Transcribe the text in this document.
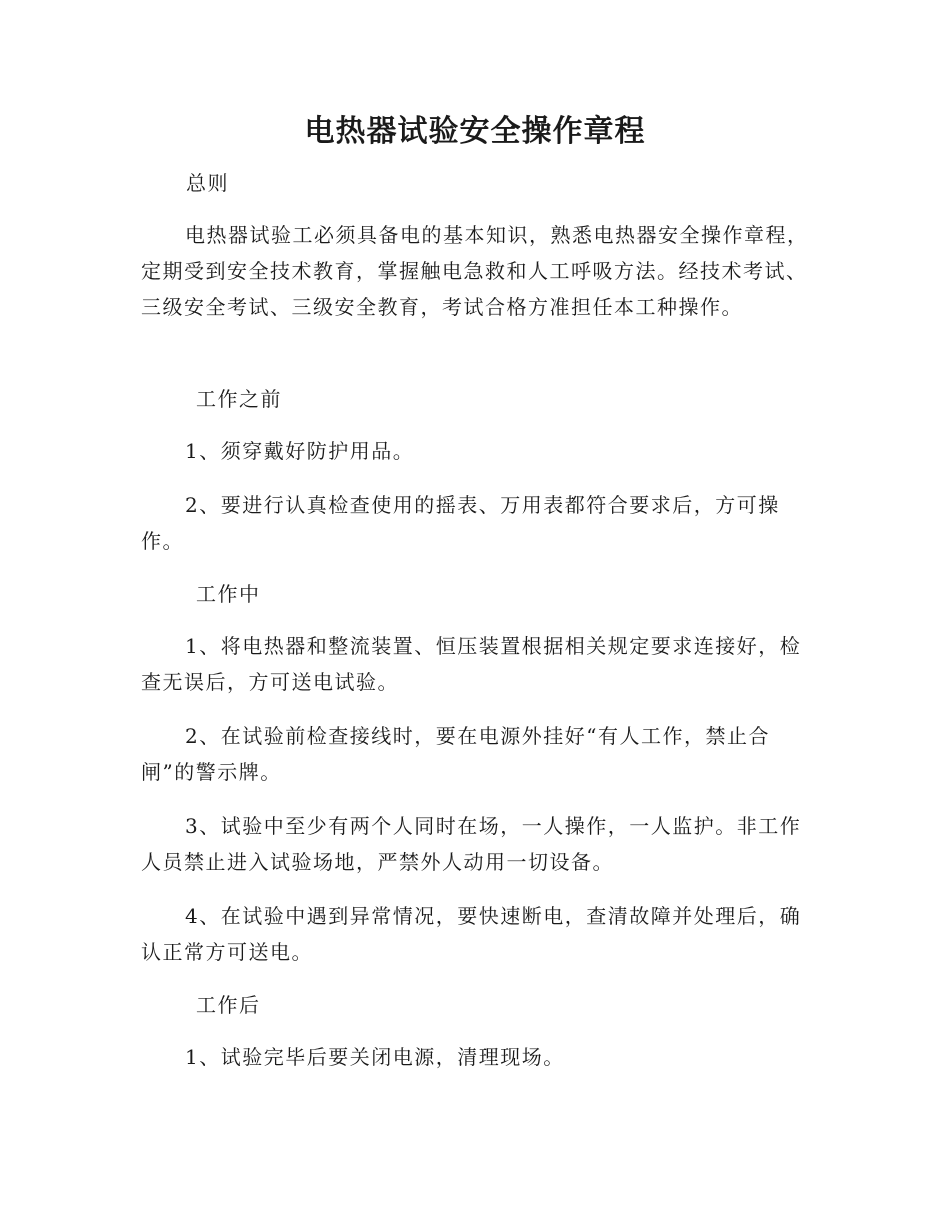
电热器试验安全操作章程
总则

电热器试验工必须具备电的基本知识，熟悉电热器安全操作章程，定期受到安全技术教育，掌握触电急救和人工呼吸方法。经技术考试、三级安全考试、三级安全教育，考试合格方准担任本工种操作。

工作之前

1、须穿戴好防护用品。

2、要进行认真检查使用的摇表、万用表都符合要求后，方可操作。

工作中

1、将电热器和整流装置、恒压装置根据相关规定要求连接好，检查无误后，方可送电试验。

2、在试验前检查接线时，要在电源外挂好“有人工作，禁止合闸”的警示牌。

3、试验中至少有两个人同时在场，一人操作，一人监护。非工作人员禁止进入试验场地，严禁外人动用一切设备。

4、在试验中遇到异常情况，要快速断电，查清故障并处理后，确认正常方可送电。

工作后

1、试验完毕后要关闭电源，清理现场。
